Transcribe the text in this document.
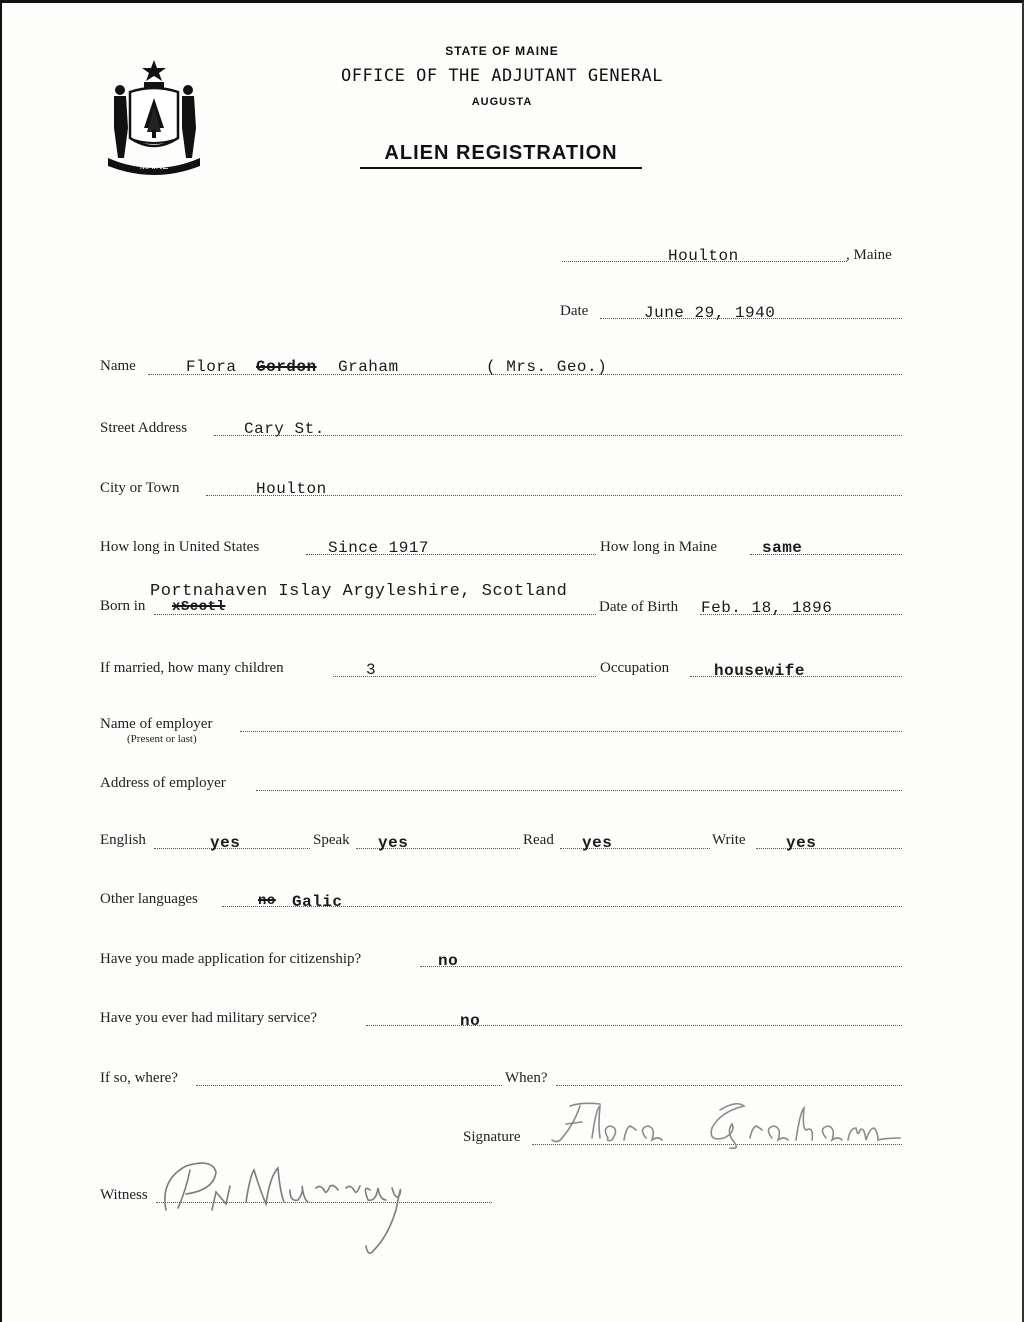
MAINE
STATE OF MAINE
OFFICE OF THE ADJUTANT GENERAL
AUGUSTA
ALIEN REGISTRATION
Houlton	, Maine
Date	June 29, 1940
Name	Flora Gordon Graham	( Mrs. Geo.)
Street Address	Cary St.
City or Town	Houlton
How long in United States	Since 1917	How long in Maine	same
Portnahaven Islay Argyleshire, Scotland
Born in xScotl	Date of Birth Feb. 18, 1896
If married, how many children	3	Occupation	housewife
Name of employer
(Present or last)
Address of employer
English	yes	Speak yes	Read yes	Write	yes
Other languages	no Galic
Have you made application for citizenship?	no
Have you ever had military service?	no
If so, where?	When?
Signature
Witness
